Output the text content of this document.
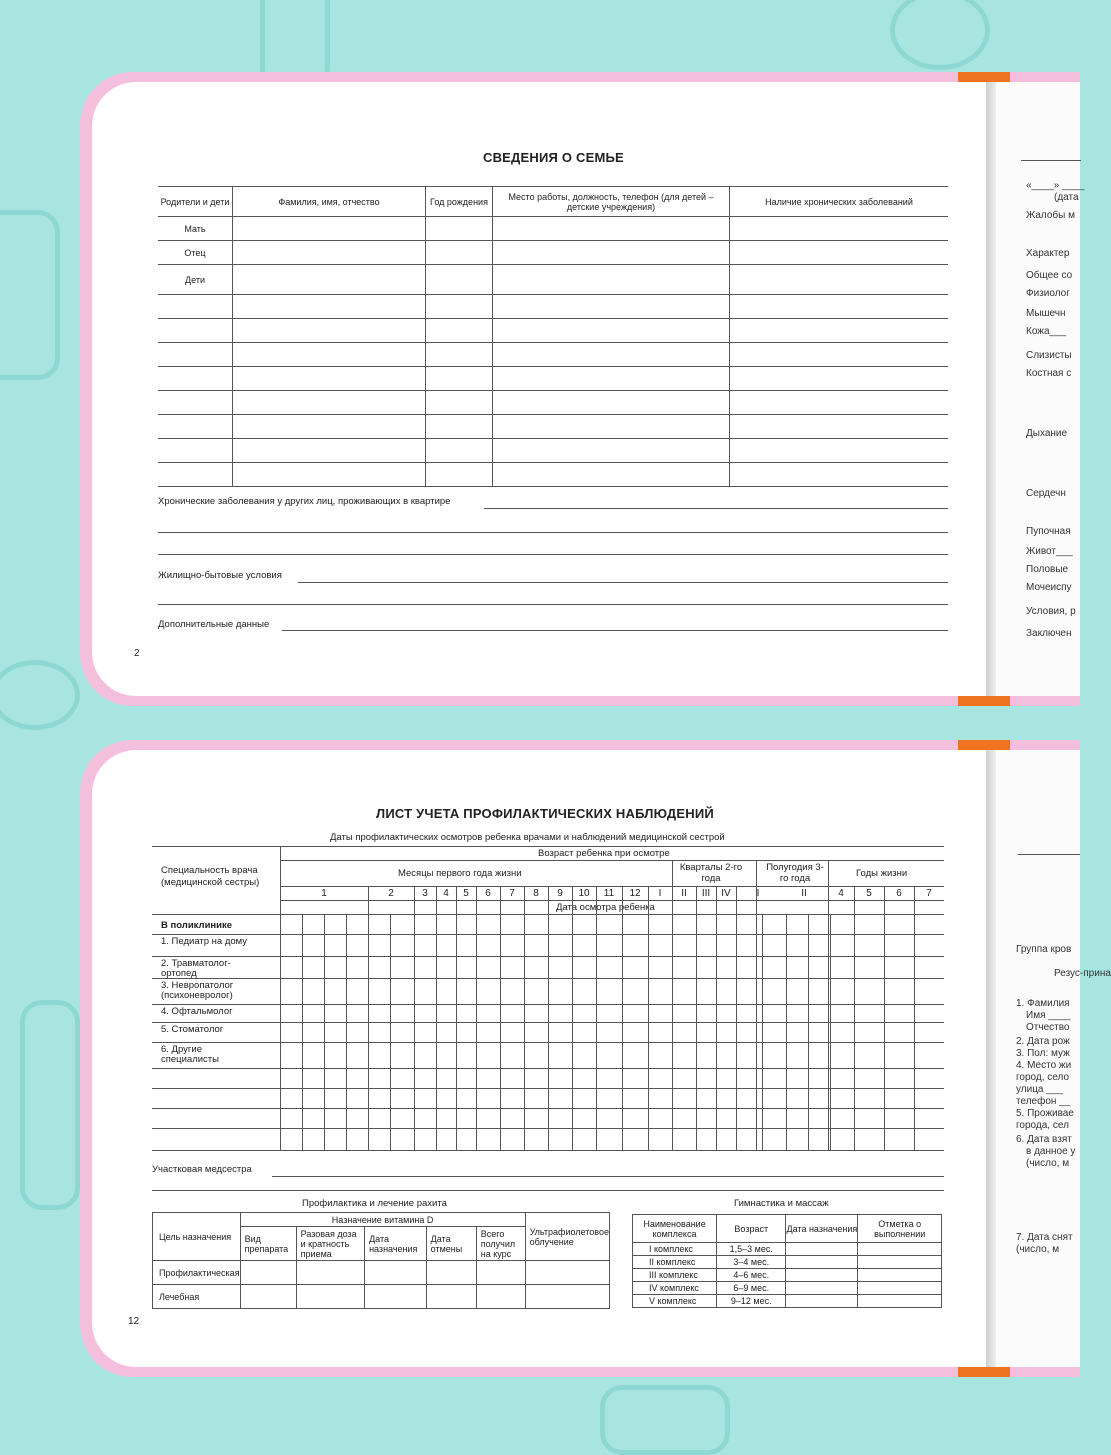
СВЕДЕНИЯ О СЕМЬЕ
Родители и дети	Фамилия, имя, отчество	Год рождения	Место работы, должность, телефон (для детей – детские учреждения)	Наличие хронических заболеваний
Мать				
Отец				
Дети				

Хронические заболевания у других лиц, проживающих в квартире
Жилищно-бытовые условия
Дополнительные данные
2
«____» ____
(дата
Жалобы м
Характер
Общее со
Физиолог
Мышечн
Кожа___
Слизисты
Костная с
Дыхание
Сердечн
Пупочная
Живот___
Половые
Мочеиспу
Условия, р
Заключен
ЛИСТ УЧЕТА ПРОФИЛАКТИЧЕСКИХ НАБЛЮДЕНИЙ
Даты профилактических осмотров ребенка врачами и наблюдений медицинской сестрой
Специальность врача (медицинской сестры)
Возраст ребенка при осмотре
Месяцы первого года жизни
Кварталы 2-го года
Полугодия 3-го года	Годы жизни
1	2	3	4	5	6	7	8	9	10	11	12	I	II	III	IV	I	II	4	5	6	7
Дата осмотра ребенка
В поликлинике
1. Педиатр на дому
2. Травматолог-ортопед
3. Невропатолог (психоневролог)
4. Офтальмолог
5. Стоматолог
6. Другие специалисты
Участковая медсестра
Профилактика и лечение рахита
Цель назначения	Назначение витамина D					Ультрафиолетовое облучение
	Вид препарата	Разовая доза и кратность приема	Дата назначения	Дата отмены	Всего получил на курс	
Профилактическая						
Лечебная						
Гимнастика и массаж
Наименование комплекса	Возраст	Дата назначения	Отметка о выполнении
I комплекс	1,5–3 мес.		
II комплекс	3–4 мес.		
III комплекс	4–6 мес.		
IV комплекс	6–9 мес.		
V комплекс	9–12 мес.		
12
Группа кров
Резус-прина
1. Фамилия
Имя ____
Отчество
2. Дата рож
3. Пол: муж
4. Место жи
город, село
улица ___
телефон __
5. Проживае
города, сел
6. Дата взят
в данное у
(число, м
7. Дата снят
(число, м
